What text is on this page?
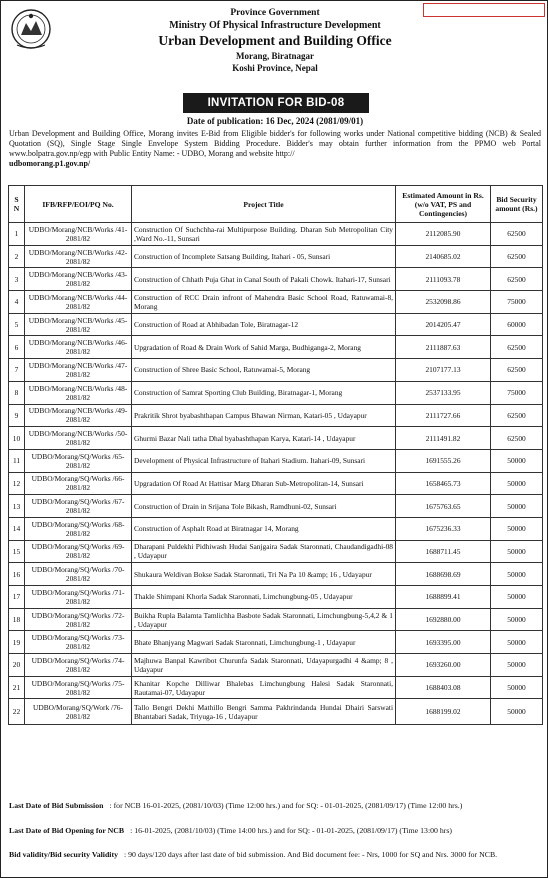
Province Government
Ministry Of Physical Infrastructure Development
Urban Development and Building Office
Morang, Biratnagar
Koshi Province, Nepal
INVITATION FOR BID-08
Date of publication: 16 Dec, 2024 (2081/09/01)
Urban Development and Building Office, Morang invites E-Bid from Eligible bidder's for following works under National competitive bidding (NCB) & Sealed Quotation (SQ), Single Stage Single Envelope System Bidding Procedure. Bidder's may obtain further information from the PPMO web Portal www.bolpatra.gov.np/egp with Public Entity Name: - UDBO, Morang and website http://
udbomorang.p1.gov.np/
S N	IFB/RFP/EOI/PQ No.	Project Title	Estimated Amount in Rs. (w/o VAT, PS and Contingencies)	Bid Security amount (Rs.)
1	UDBO/Morang/NCB/Works /41-2081/82	Construction Of Suchchha-rai Multipurpose Building. Dharan Sub Metropolitan City ,Ward No.-11, Sunsari	2112085.90	62500
2	UDBO/Morang/NCB/Works /42-2081/82	Construction of Incomplete Satsang Building, Itahari - 05, Sunsari	2140685.02	62500
3	UDBO/Morang/NCB/Works /43-2081/82	Construction of Chhath Puja Ghat in Canal South of Pakali Chowk. Itahari-17, Sunsari	2111093.78	62500
4	UDBO/Morang/NCB/Works /44-2081/82	Construction of RCC Drain infront of Mahendra Basic School Road, Ratuwamai-8, Morang	2532098.86	75000
5	UDBO/Morang/NCB/Works /45-2081/82	Construction of Road at Abhibadan Tole, Biratnagar-12	2014205.47	60000
6	UDBO/Morang/NCB/Works /46-2081/82	Upgradation of Road & Drain Work of Sahid Marga, Budhiganga-2, Morang	2111887.63	62500
7	UDBO/Morang/NCB/Works /47-2081/82	Construction of Shree Basic School, Ratuwamai-5, Morang	2107177.13	62500
8	UDBO/Morang/NCB/Works /48-2081/82	Construction of Samrat Sporting Club Building, Biratnagar-1, Morang	2537133.95	75000
9	UDBO/Morang/NCB/Works /49-2081/82	Prakritik Shrot byabashthapan Campus Bhawan Nirman, Katari-05 , Udayapur	2111727.66	62500
10	UDBO/Morang/NCB/Works /50-2081/82	Ghurmi Bazar Nali tatha Dhal byabashthapan Karya, Katari-14 , Udayapur	2111491.82	62500
11	UDBO/Morang/SQ/Works /65-2081/82	Development of Physical Infrastructure of Itahari Stadium. Itahari-09, Sunsari	1691555.26	50000
12	UDBO/Morang/SQ/Works /66-2081/82	Upgradation Of Road At Hattisar Marg Dharan Sub-Metropolitan-14, Sunsari	1658465.73	50000
13	UDBO/Morang/SQ/Works /67-2081/82	Construction of Drain in Srijana Tole Bikash, Ramdhuni-02, Sunsari	1675763.65	50000
14	UDBO/Morang/SQ/Works /68-2081/82	Construction of Asphalt Road at Biratnagar 14, Morang	1675236.33	50000
15	UDBO/Morang/SQ/Works /69-2081/82	Dharapani Puldekhi Pidhiwash Hudai Sanjgaira Sadak Staronnati, Chaudandigadhi-08 , Udayapur	1688711.45	50000
16	UDBO/Morang/SQ/Works /70-2081/82	Shukaura Weldivan Bokse Sadak Staronnati, Tri Na Pa 10 &amp; 16 , Udayapur	1688698.69	50000
17	UDBO/Morang/SQ/Works /71-2081/82	Thakle Shimpani Khorla Sadak Staronnati, Limchungbung-05 , Udayapur	1688899.41	50000
18	UDBO/Morang/SQ/Works /72-2081/82	Buikha Rupla Balamta Tamlichha Basbote Sadak Staronnati, Limchungbung-5,4,2 & 1 , Udayapur	1692880.00	50000
19	UDBO/Morang/SQ/Works /73-2081/82	Bhate Bhanjyang Magwari Sadak Staronnati, Limchungbung-1 , Udayapur	1693395.00	50000
20	UDBO/Morang/SQ/Works /74-2081/82	Majhuwa Banpal Kawribot Churunfa Sadak Staronnati, Udayapurgadhi 4 &amp; 8 , Udayapur	1693260.00	50000
21	UDBO/Morang/SQ/Works /75-2081/82	Khanitar Kopche Dilliwar Bhalebas Limchungbung Halesi Sadak Staronnati, Rautamai-07, Udayapur	1688403.08	50000
22	UDBO/Morang/SQ/Work /76-2081/82	Tallo Bengri Dekhi Mathillo Bengri Samma Pakhrindanda Hundai Dhairi Sarswati Bhantabari Sadak, Triyuga-16 , Udayapur	1688199.02	50000
Last Date of Bid Submission : for NCB 16-01-2025, (2081/10/03) (Time 12:00 hrs.) and for SQ: - 01-01-2025, (2081/09/17) (Time 12:00 hrs.)
Last Date of Bid Opening for NCB : 16-01-2025, (2081/10/03) (Time 14:00 hrs.) and for SQ: - 01-01-2025, (2081/09/17) (Time 13:00 hrs)
Bid validity/Bid security Validity : 90 days/120 days after last date of bid submission. And Bid document fee: - Nrs, 1000 for SQ and Nrs. 3000 for NCB.
